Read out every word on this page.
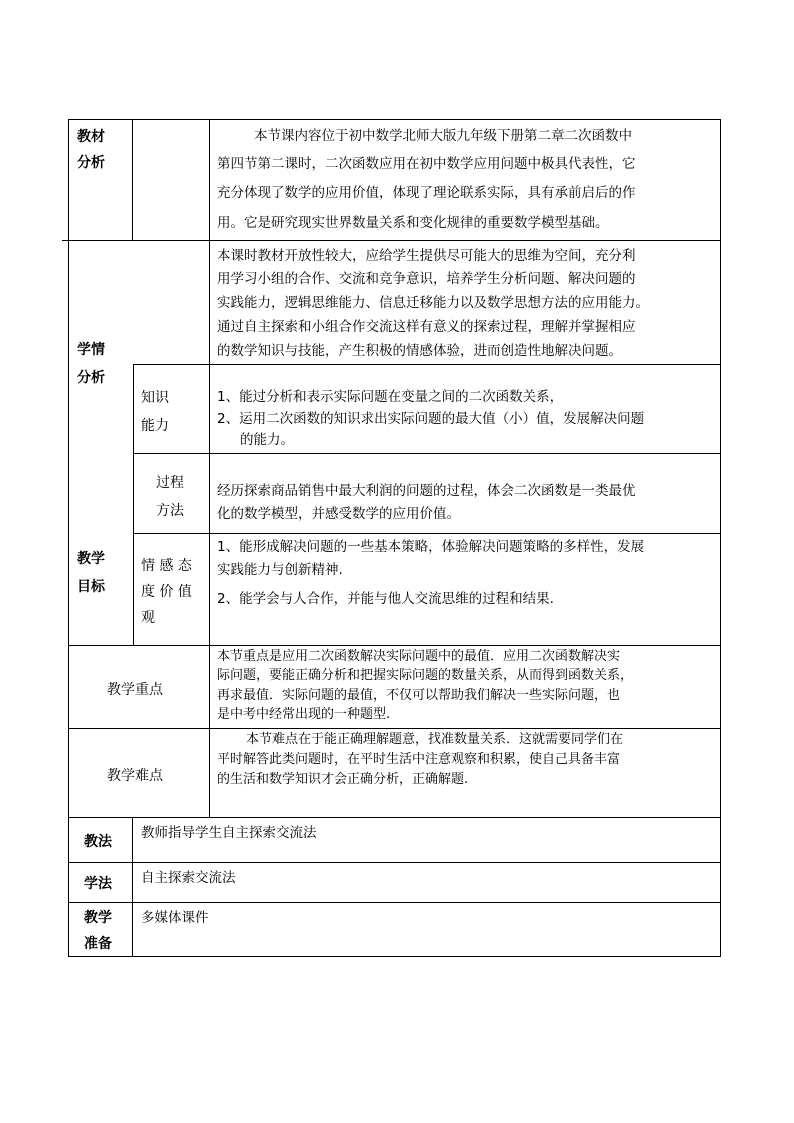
教材
分析
本节课内容位于初中数学北师大版九年级下册第二章二次函数中
第四节第二课时，二次函数应用在初中数学应用问题中极具代表性，它
充分体现了数学的应用价值，体现了理论联系实际，具有承前启后的作
用。它是研究现实世界数量关系和变化规律的重要数学模型基础。
学情
分析
本课时教材开放性较大，应给学生提供尽可能大的思维为空间，充分利
用学习小组的合作、交流和竞争意识，培养学生分析问题、解决问题的
实践能力，逻辑思维能力、信息迁移能力以及数学思想方法的应用能力。
通过自主探索和小组合作交流这样有意义的探索过程，理解并掌握相应
的数学知识与技能，产生积极的情感体验，进而创造性地解决问题。
教学
目标
知识
能力
1、能过分析和表示实际问题在变量之间的二次函数关系，
2、运用二次函数的知识求出实际问题的最大值（小）值，发展解决问题
的能力。
过程
方法
经历探索商品销售中最大利润的问题的过程，体会二次函数是一类最优
化的数学模型，并感受数学的应用价值。
情 感 态
度 价 值
观
1、能形成解决问题的一些基本策略，体验解决问题策略的多样性，发展
实践能力与创新精神.
2、能学会与人合作，并能与他人交流思维的过程和结果.
教学重点
本节重点是应用二次函数解决实际问题中的最值．应用二次函数解决实
际问题，要能正确分析和把握实际问题的数量关系，从而得到函数关系，
再求最值．实际问题的最值，不仅可以帮助我们解决一些实际问题，也
是中考中经常出现的一种题型.
教学难点
本节难点在于能正确理解题意，找准数量关系．这就需要同学们在
平时解答此类问题时，在平时生活中注意观察和积累，使自己具备丰富
的生活和数学知识才会正确分析，正确解题.
教法
教师指导学生自主探索交流法
学法 自主探索交流法
教学
准备
多媒体课件
